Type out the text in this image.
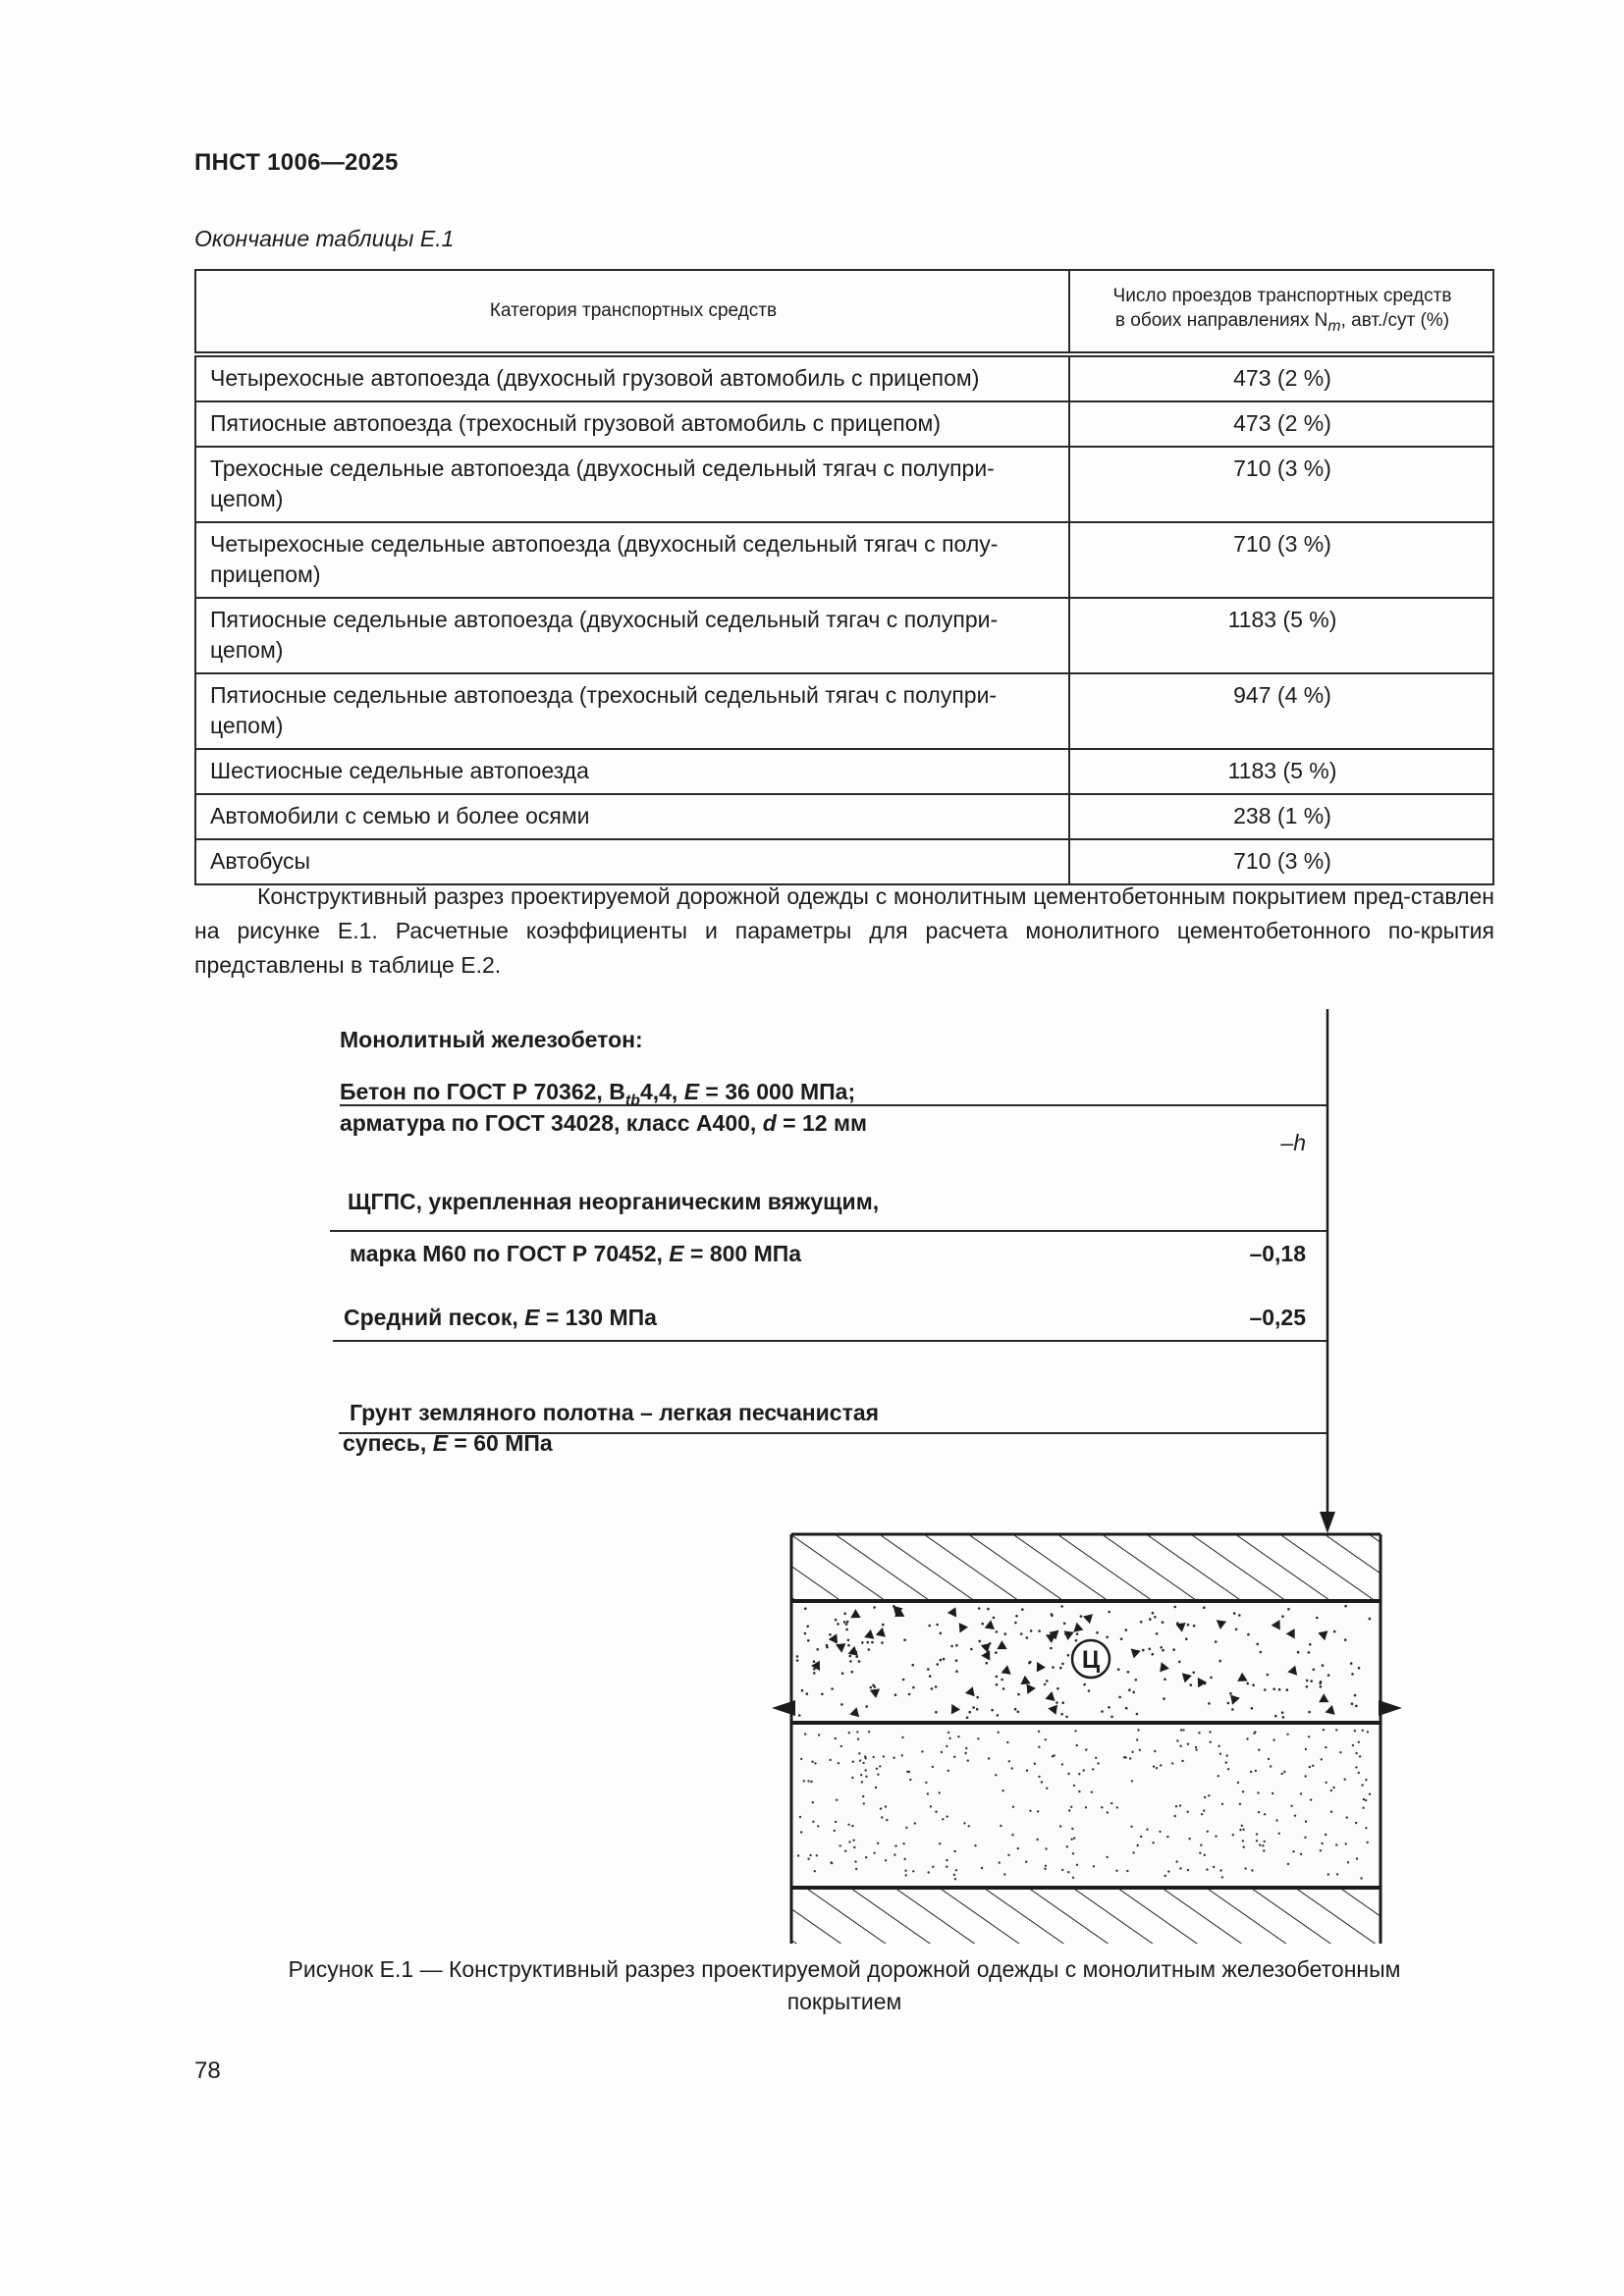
ПНСТ 1006—2025
Окончание таблицы Е.1
Категория транспортных средств	Число проездов транспортных средств
в обоих направлениях $N_m$, авт./сут (%)
Четырехосные автопоезда (двухосный грузовой автомобиль с прицепом)	473 (2 %)
Пятиосные автопоезда (трехосный грузовой автомобиль с прицепом)	473 (2 %)
Трехосные седельные автопоезда (двухосный седельный тягач с полупри-цепом)	710 (3 %)
Четырехосные седельные автопоезда (двухосный седельный тягач с полу-прицепом)	710 (3 %)
Пятиосные седельные автопоезда (двухосный седельный тягач с полупри-цепом)	1183 (5 %)
Пятиосные седельные автопоезда (трехосный седельный тягач с полупри-цепом)	947 (4 %)
Шестиосные седельные автопоезда	1183 (5 %)
Автомобили с семью и более осями	238 (1 %)
Автобусы	710 (3 %)
Конструктивный разрез проектируемой дорожной одежды с монолитным цементобетонным покрытием пред-ставлен на рисунке Е.1. Расчетные коэффициенты и параметры для расчета монолитного цементобетонного по-крытия представлены в таблице Е.2.
Монолитный железобетон:
Бетон по ГОСТ Р 70362, $B_{tb}4,4$, E = 36 000 МПа;
арматура по ГОСТ 34028, класс А400, d = 12 мм
–h
ЩГПС, укрепленная неорганическим вяжущим,
марка М60 по ГОСТ Р 70452, E = 800 МПа	–0,18
Средний песок, E = 130 МПа	–0,25
Грунт земляного полотна – легкая песчанистая
супесь, E = 60 МПа
Ц
Рисунок Е.1 — Конструктивный разрез проектируемой дорожной одежды с монолитным железобетонным
покрытием
78
